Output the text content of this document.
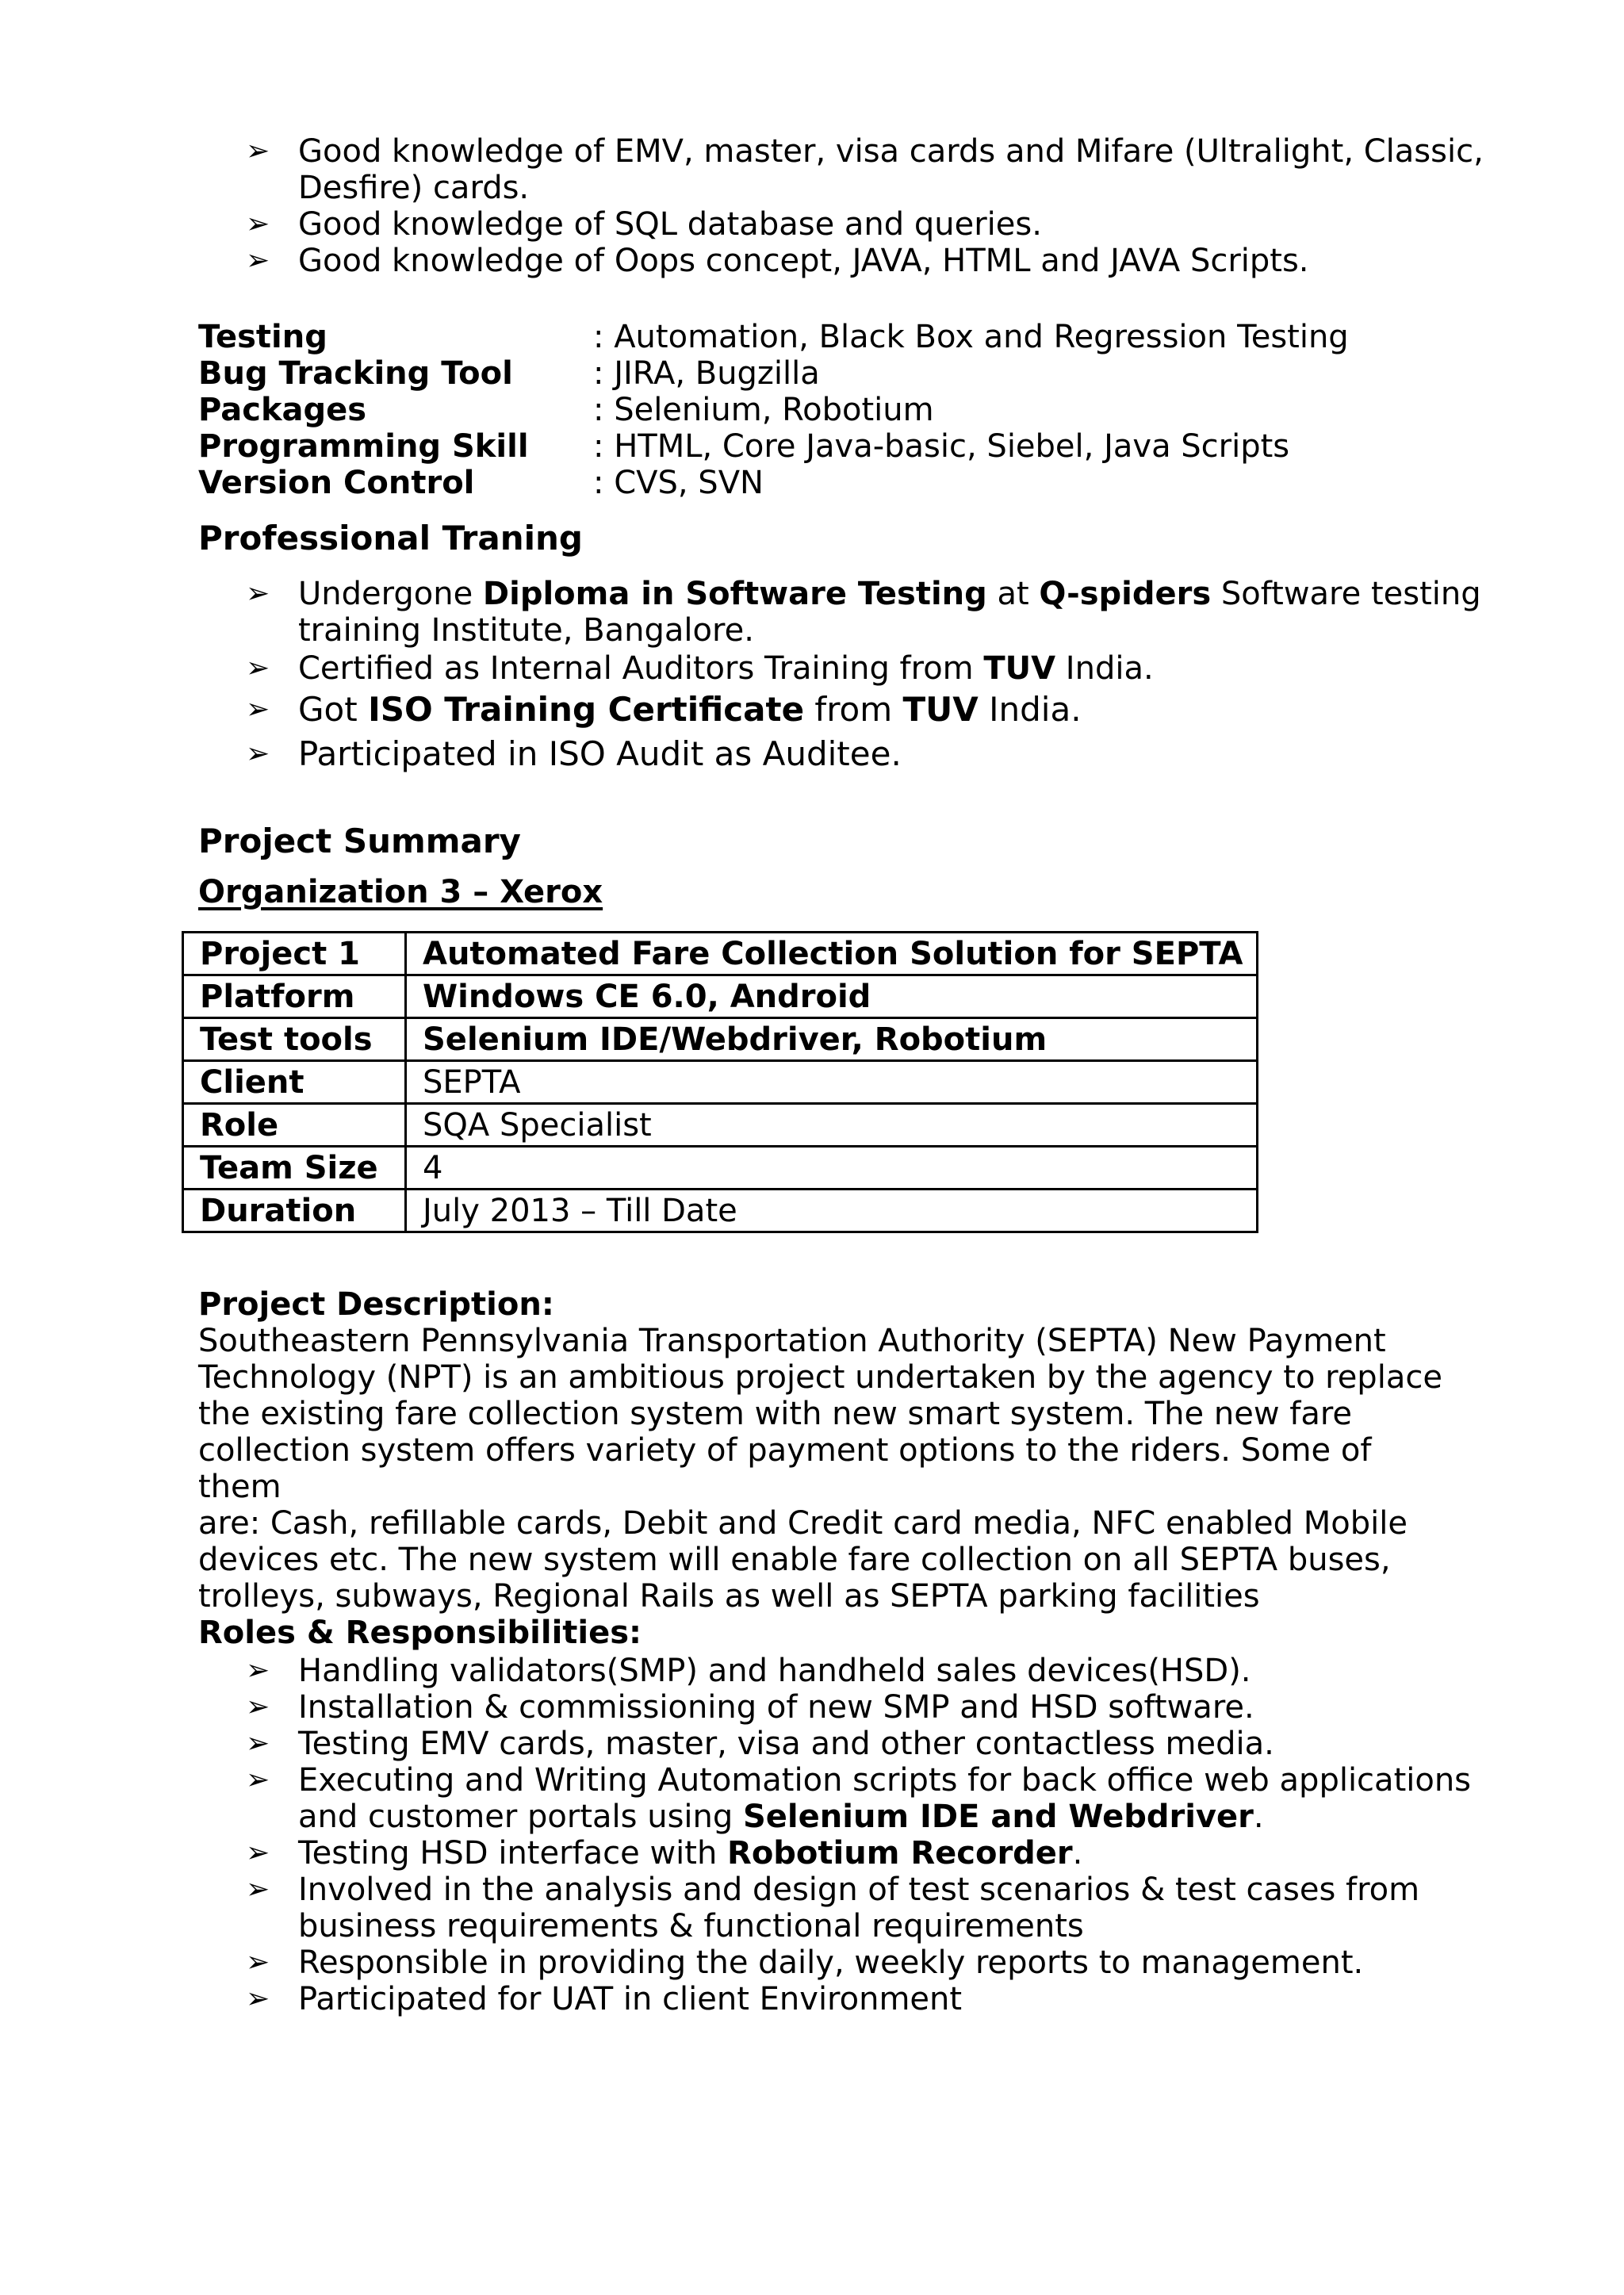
➢ Good knowledge of EMV, master, visa cards and Mifare (Ultralight, Classic,
Desfire) cards.
➢ Good knowledge of SQL database and queries.
➢ Good knowledge of Oops concept, JAVA, HTML and JAVA Scripts.
Testing	: Automation, Black Box and Regression Testing
Bug Tracking Tool	: JIRA, Bugzilla
Packages	: Selenium, Robotium
Programming Skill	: HTML, Core Java-basic, Siebel, Java Scripts
Version Control	: CVS, SVN
Professional Traning
➢ Undergone Diploma in Software Testing at Q-spiders Software testing
training Institute, Bangalore.
➢ Certified as Internal Auditors Training from TUV India.
➢ Got ISO Training Certificate from TUV India.
➢ Participated in ISO Audit as Auditee.
Project Summary
Organization 3 – Xerox
Project 1	Automated Fare Collection Solution for SEPTA
Platform	Windows CE 6.0, Android
Test tools	Selenium IDE/Webdriver, Robotium
Client	SEPTA
Role	SQA Specialist
Team Size	4
Duration	July 2013 – Till Date
Project Description:
Southeastern Pennsylvania Transportation Authority (SEPTA) New Payment
Technology (NPT) is an ambitious project undertaken by the agency to replace
the existing fare collection system with new smart system. The new fare
collection system offers variety of payment options to the riders. Some of them
are: Cash, refillable cards, Debit and Credit card media, NFC enabled Mobile
devices etc. The new system will enable fare collection on all SEPTA buses,
trolleys, subways, Regional Rails as well as SEPTA parking facilities
Roles & Responsibilities:
➢ Handling validators(SMP) and handheld sales devices(HSD).
➢ Installation & commissioning of new SMP and HSD software.
➢ Testing EMV cards, master, visa and other contactless media.
➢ Executing and Writing Automation scripts for back office web applications
and customer portals using Selenium IDE and Webdriver.
➢ Testing HSD interface with Robotium Recorder.
➢ Involved in the analysis and design of test scenarios & test cases from
business requirements & functional requirements
➢ Responsible in providing the daily, weekly reports to management.
➢ Participated for UAT in client Environment
